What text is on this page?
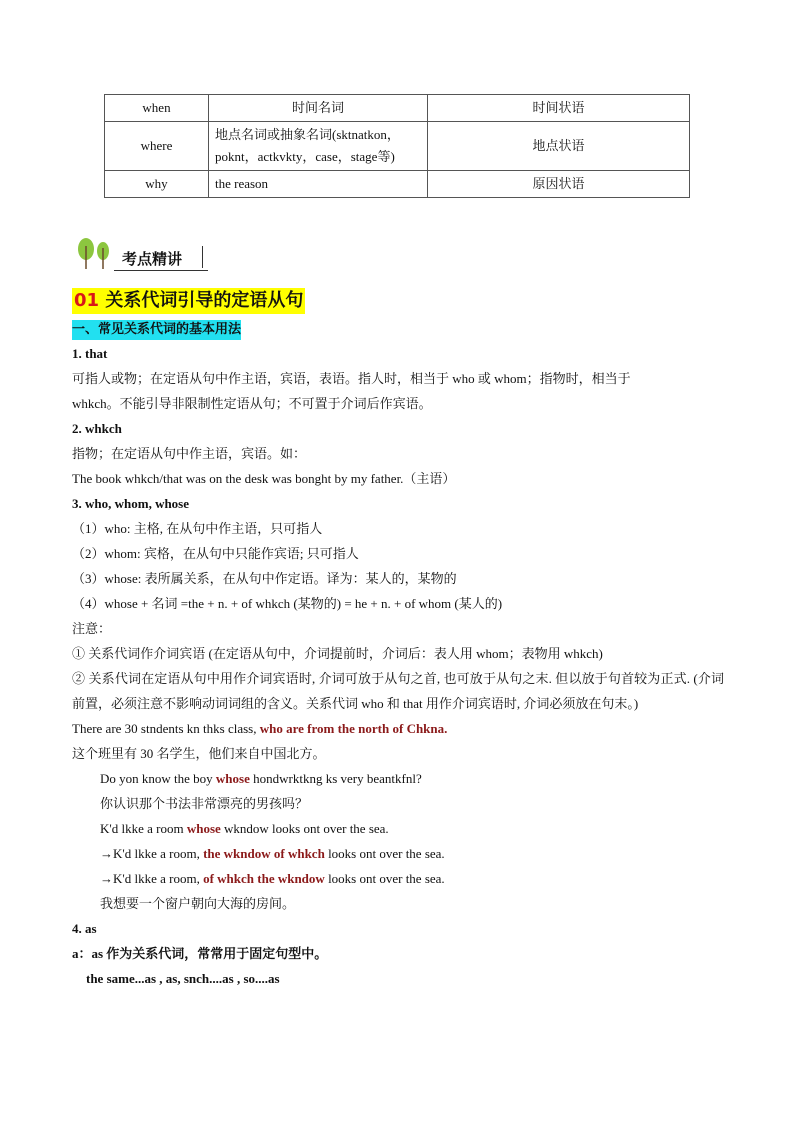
when	时间名词	时间状语
where	地点名词或抽象名词(sktnatkon，
poknt，actkvkty，case，stage等)	地点状语
why	the reason	原因状语
考点精讲

01 关系代词引导的定语从句

一、常见关系代词的基本用法

1. that

可指人或物；在定语从句中作主语，宾语，表语。指人时，相当于 who 或 whom；指物时，相当于

whkch。不能引导非限制性定语从句；不可置于介词后作宾语。

2. whkch

指物；在定语从句中作主语，宾语。如：

The book whkch/that was on the desk was bonght by my father.（主语）

3. who, whom, whose

（1）who: 主格, 在从句中作主语，只可指人

（2）whom: 宾格，在从句中只能作宾语; 只可指人

（3）whose: 表所属关系，在从句中作定语。译为：某人的，某物的

（4）whose + 名词 =the + n. + of whkch (某物的) = he + n. + of whom (某人的)

注意：

① 关系代词作介词宾语 (在定语从句中，介词提前时，介词后：表人用 whom；表物用 whkch)

② 关系代词在定语从句中用作介词宾语时, 介词可放于从句之首, 也可放于从句之末. 但以放于句首较为正式. (介词前置，必须注意不影响动词词组的含义。关系代词 who 和 that 用作介词宾语时, 介词必须放在句末。)

There are 30 stndents kn thks class, who are from the north of Chkna.

这个班里有 30 名学生，他们来自中国北方。

Do yon know the boy whose hondwrktkng ks very beantkfnl?

你认识那个书法非常漂亮的男孩吗？

K'd lkke a room whose wkndow looks ont over the sea.

→K'd lkke a room, the wkndow of whkch looks ont over the sea.

→K'd lkke a room, of whkch the wkndow looks ont over the sea.

我想要一个窗户朝向大海的房间。

4. as

a：as 作为关系代词，常常用于固定句型中。

the same...as , as, snch....as , so....as
